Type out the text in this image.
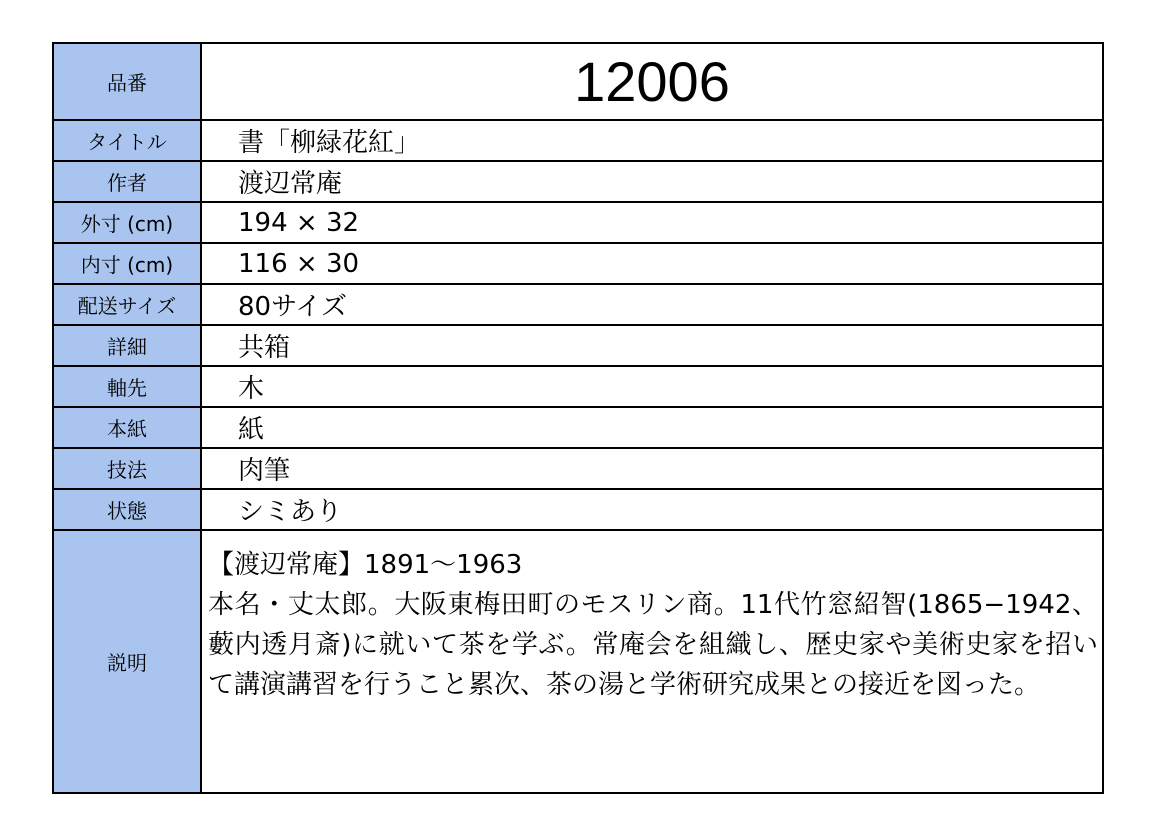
品番	12006
タイトル	書「柳緑花紅」
作者	渡辺常庵
外寸 (cm)	194 × 32
内寸 (cm)	116 × 30
配送サイズ	80サイズ
詳細	共箱
軸先	木
本紙	紙
技法	肉筆
状態	シミあり
説明	【渡辺常庵】1891〜1963

本名・丈太郎。大阪東梅田町のモスリン商。11代竹窓紹智(1865−1942、藪内透月斎)に就いて茶を学ぶ。常庵会を組織し、歴史家や美術史家を招いて講演講習を行うこと累次、茶の湯と学術研究成果との接近を図った。
